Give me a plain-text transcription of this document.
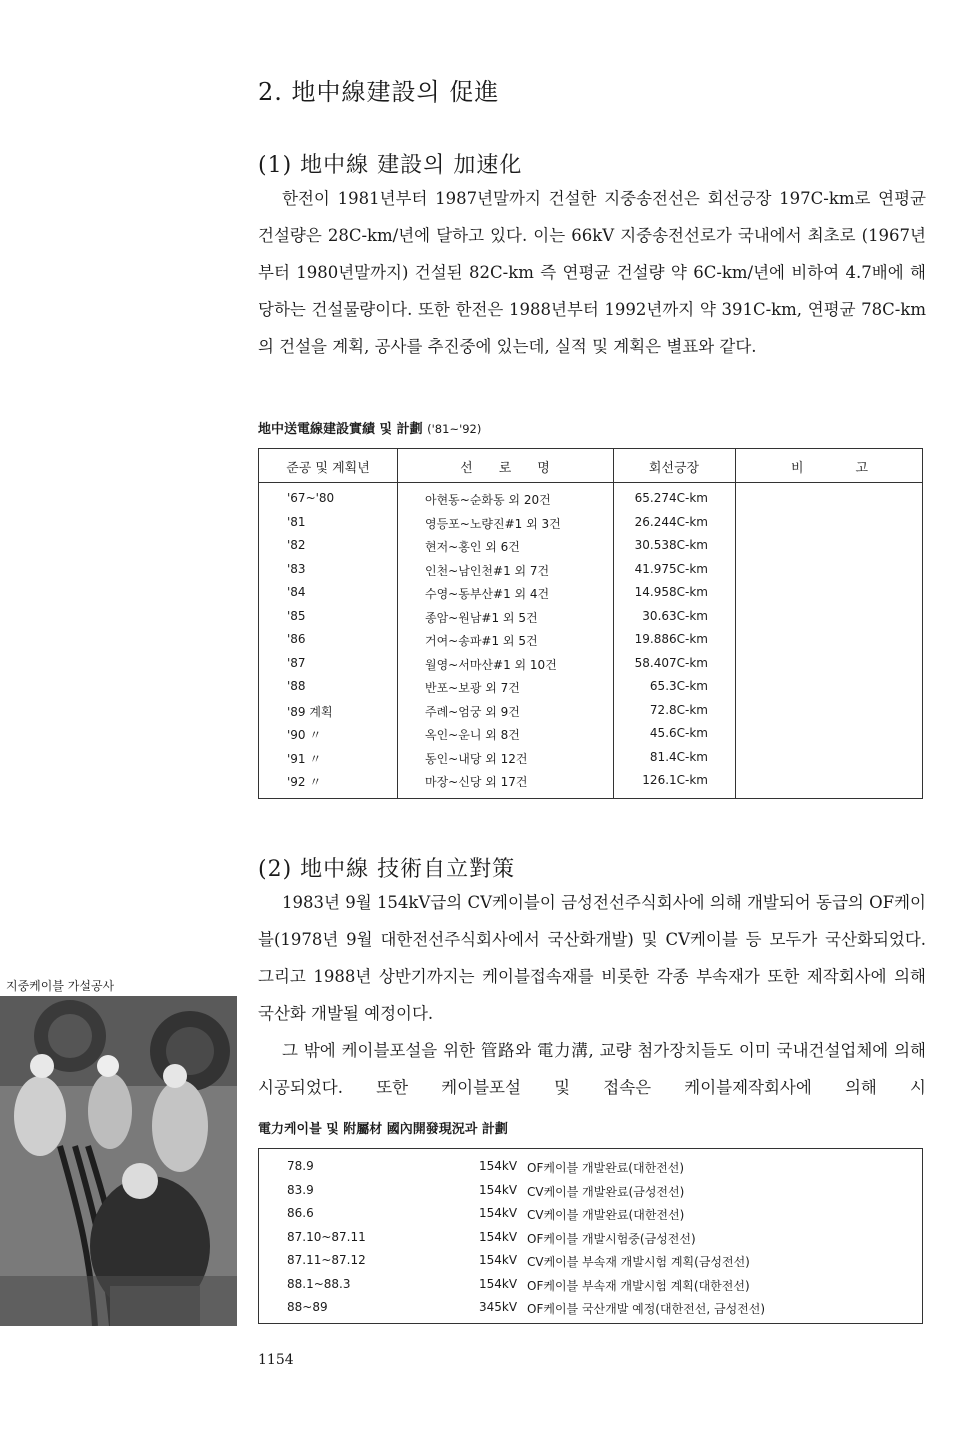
2. 地中線建設의 促進
(1) 地中線 建設의 加速化

한전이 1981년부터 1987년말까지 건설한 지중송전선은 회선긍장 197C-km로 연평균 건설량은 28C-km/년에 달하고 있다. 이는 66kV 지중송전선로가 국내에서 최초로 (1967년부터 1980년말까지) 건설된 82C-km 즉 연평균 건설량 약 6C-km/년에 비하여 4.7배에 해당하는 건설물량이다. 또한 한전은 1988년부터 1992년까지 약 391C-km, 연평균 78C-km의 건설을 계획, 공사를 추진중에 있는데, 실적 및 계획은 별표와 같다.

地中送電線建設實績 및 計劃 ('81~'92)
준공 및 계획년	선　　로　　명	회선긍장	비　　　　고
'67~'80	아현동~순화동 외 20건	65.274C-km
'81	영등포~노량진#1 외 3건	26.244C-km
'82	현저~홍인 외 6건	30.538C-km
'83	인천~남인천#1 외 7건	41.975C-km
'84	수영~동부산#1 외 4건	14.958C-km
'85	종암~원남#1 외 5건	30.63C-km
'86	거여~송파#1 외 5건	19.886C-km
'87	월영~서마산#1 외 10건	58.407C-km
'88	반포~보광 외 7건	65.3C-km
'89 계획	주례~엄궁 외 9건	72.8C-km
'90 〃	옥인~운니 외 8건	45.6C-km
'91 〃	동인~내당 외 12건	81.4C-km
'92 〃	마장~신당 외 17건	126.1C-km
(2) 地中線 技術自立對策

1983년 9월 154kV급의 CV케이블이 금성전선주식회사에 의해 개발되어 동급의 OF케이블(1978년 9월 대한전선주식회사에서 국산화개발) 및 CV케이블 등 모두가 국산화되었다. 그리고 1988년 상반기까지는 케이블접속재를 비롯한 각종 부속재가 또한 제작회사에 의해 국산화 개발될 예정이다.

그 밖에 케이블포설을 위한 管路와 電力溝, 교량 첨가장치들도 이미 국내건설업체에 의해 시공되었다. 또한 케이블포설 및 접속은 케이블제작회사에 의해 시

電力케이블 및 附屬材 國內開發現況과 計劃
78.9	154kV OF케이블 개발완료(대한전선)
83.9	154kV CV케이블 개발완료(금성전선)
86.6	154kV CV케이블 개발완료(대한전선)
87.10~87.11	154kV OF케이블 개발시험중(금성전선)
87.11~87.12	154kV CV케이블 부속재 개발시험 계획(금성전선)
88.1~88.3	154kV OF케이블 부속재 개발시험 계획(대한전선)
88~89	345kV OF케이블 국산개발 예정(대한전선, 금성전선)
지중케이블 가설공사
1154
